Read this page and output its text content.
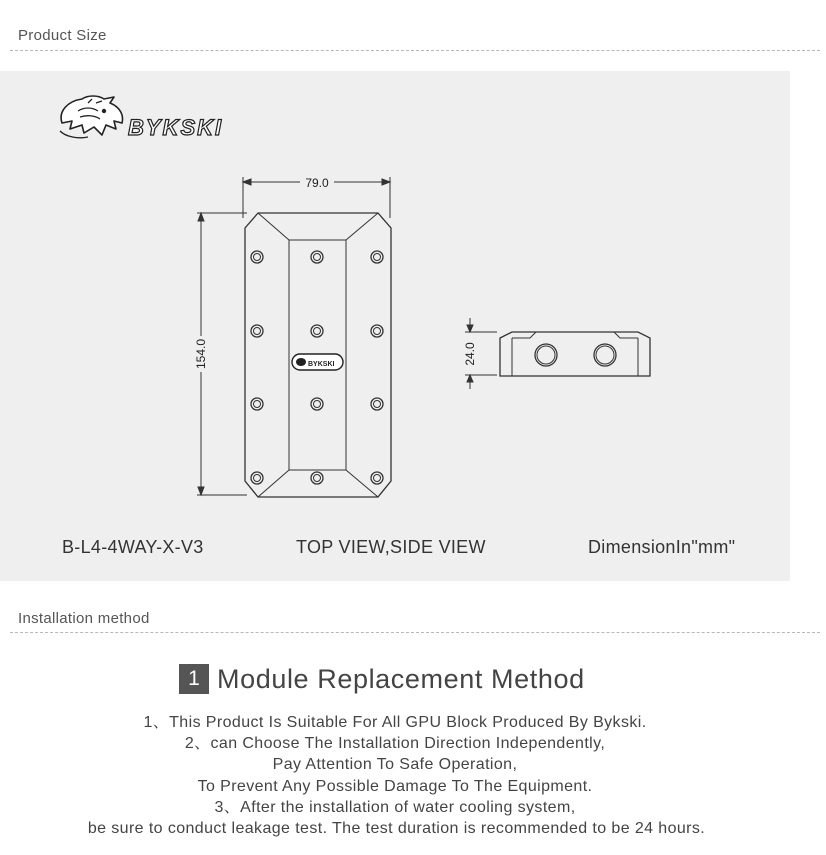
Product Size
BYKSKI
BYKSKI
79.0
154.0	24.0
B-L4-4WAY-X-V3	TOP VIEW,SIDE VIEW	DimensionIn"mm"
Installation method
1 Module Replacement Method
1、This Product Is Suitable For All GPU Block Produced By Bykski.
2、can Choose The Installation Direction Independently,
Pay Attention To Safe Operation,
To Prevent Any Possible Damage To The Equipment.
3、After the installation of water cooling system,
be sure to conduct leakage test. The test duration is recommended to be 24 hours.
